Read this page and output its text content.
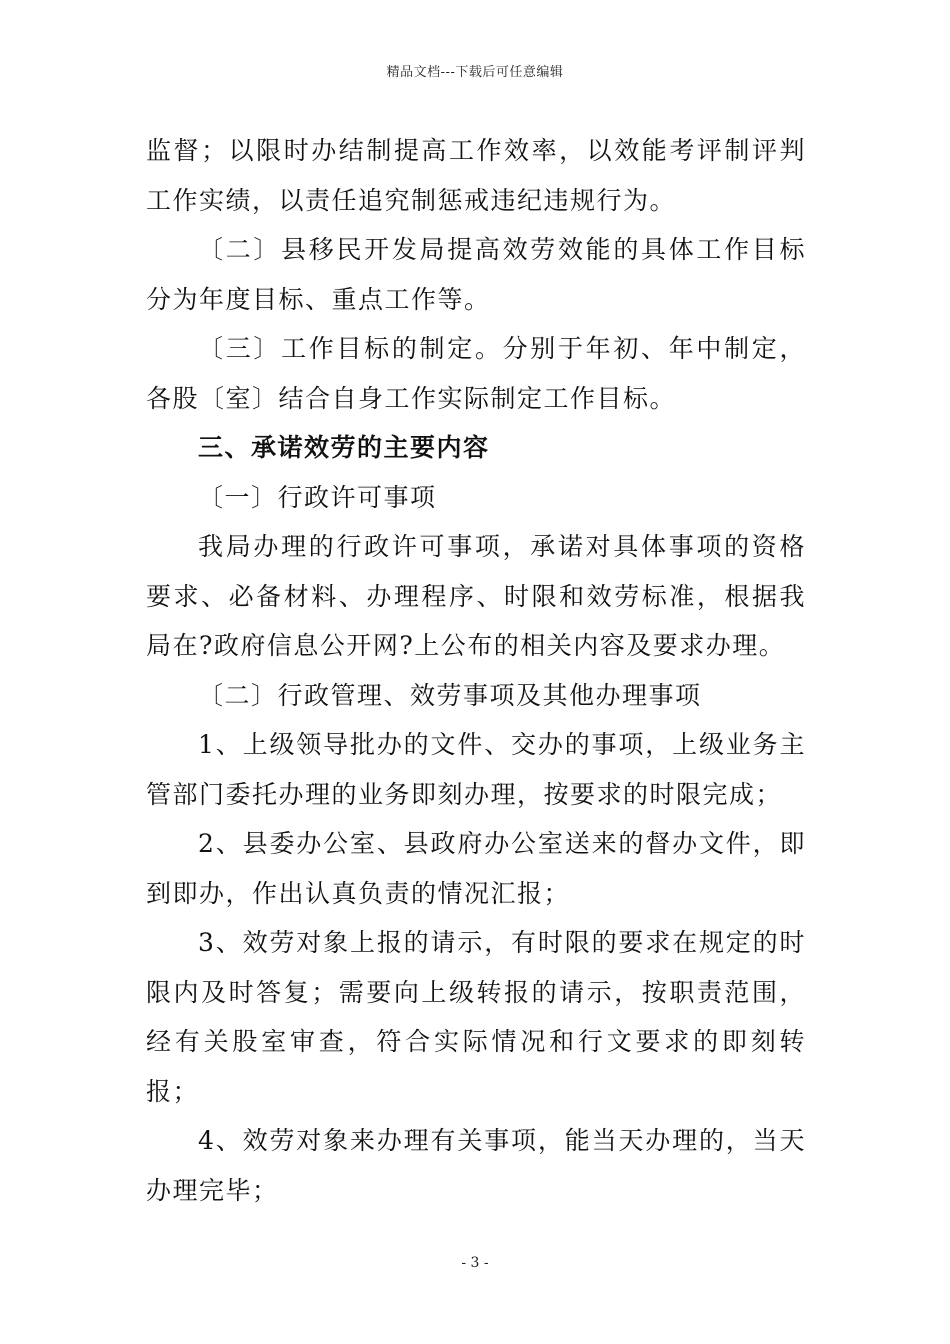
精品文档---下载后可任意编辑

监督；以限时办结制提高工作效率，以效能考评制评判工作实绩，以责任追究制惩戒违纪违规行为。

〔二〕县移民开发局提高效劳效能的具体工作目标分为年度目标、重点工作等。

〔三〕工作目标的制定。分别于年初、年中制定，各股〔室〕结合自身工作实际制定工作目标。

三、承诺效劳的主要内容

〔一〕行政许可事项

我局办理的行政许可事项，承诺对具体事项的资格要求、必备材料、办理程序、时限和效劳标准，根据我局在?政府信息公开网?上公布的相关内容及要求办理。

〔二〕行政管理、效劳事项及其他办理事项

1、上级领导批办的文件、交办的事项，上级业务主管部门委托办理的业务即刻办理，按要求的时限完成；

2、县委办公室、县政府办公室送来的督办文件，即到即办，作出认真负责的情况汇报；

3、效劳对象上报的请示，有时限的要求在规定的时限内及时答复；需要向上级转报的请示，按职责范围，经有关股室审查，符合实际情况和行文要求的即刻转报；

4、效劳对象来办理有关事项，能当天办理的，当天办理完毕；

- 3 -
